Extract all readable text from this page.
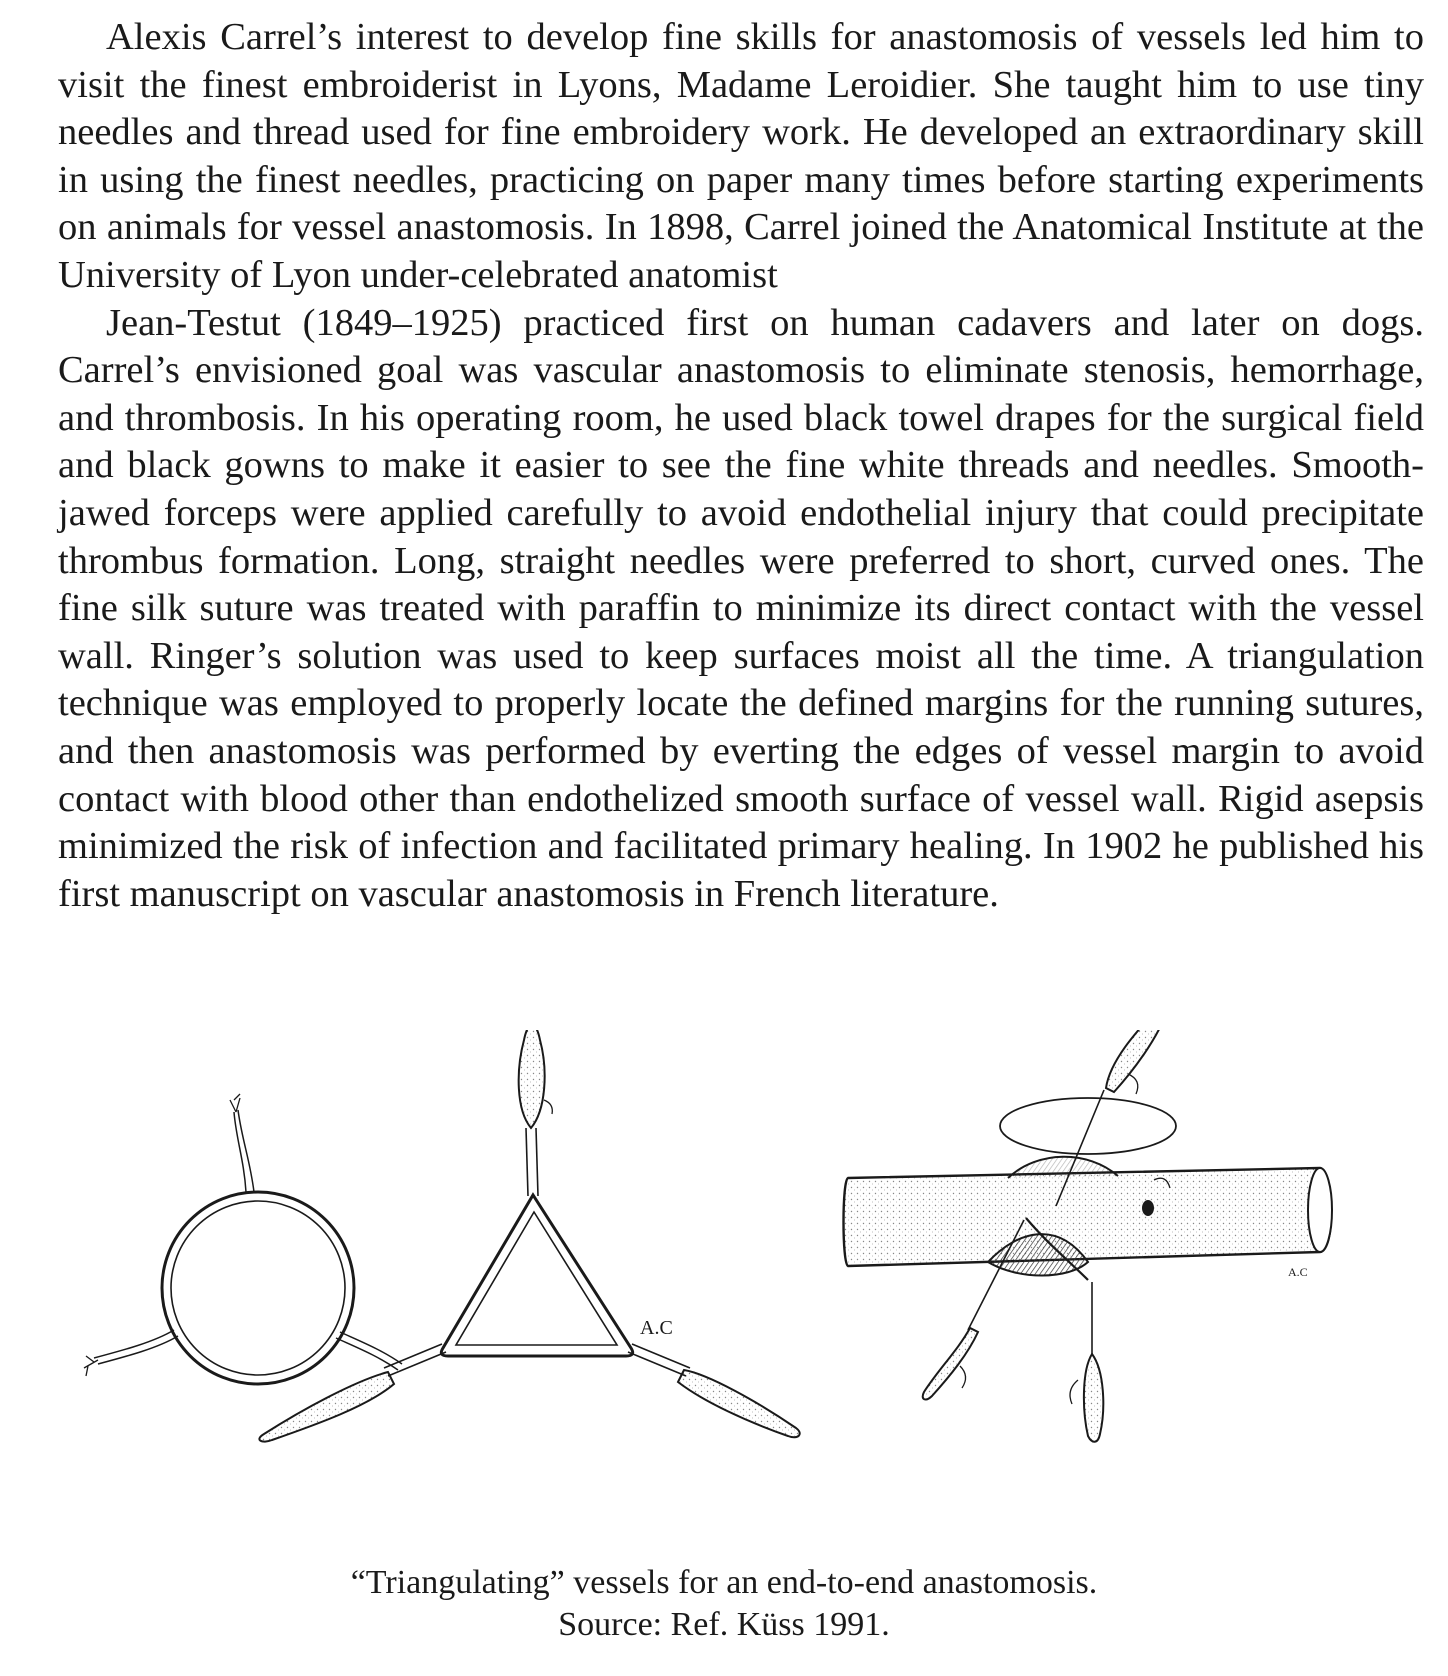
Alexis Carrel’s interest to develop fine skills for anastomosis of vessels led him to visit the finest embroiderist in Lyons, Madame Leroidier. She taught him to use tiny needles and thread used for fine embroidery work. He developed an extraordinary skill in using the finest needles, practicing on paper many times before starting experiments on animals for vessel anastomosis. In 1898, Carrel joined the Anatomical Institute at the University of Lyon under-celebrated anatomist

Jean-Testut (1849–1925) practiced first on human cadavers and later on dogs. Carrel’s envisioned goal was vascular anastomosis to eliminate stenosis, hemorrhage, and thrombosis. In his operating room, he used black towel drapes for the surgical field and black gowns to make it easier to see the fine white threads and needles. Smooth-jawed forceps were applied carefully to avoid endothelial injury that could precipitate thrombus formation. Long, straight needles were preferred to short, curved ones. The fine silk suture was treated with paraffin to minimize its direct contact with the vessel wall. Ringer’s solution was used to keep surfaces moist all the time. A triangulation technique was employed to properly locate the defined margins for the running sutures, and then anastomosis was performed by everting the edges of vessel margin to avoid contact with blood other than endothelized smooth surface of vessel wall. Rigid asepsis minimized the risk of infection and facilitated primary healing. In 1902 he published his first manuscript on vascular anastomosis in French literature.

A.C
A.C
“Triangulating” vessels for an end-to-end anastomosis.
Source: Ref. Küss 1991.
